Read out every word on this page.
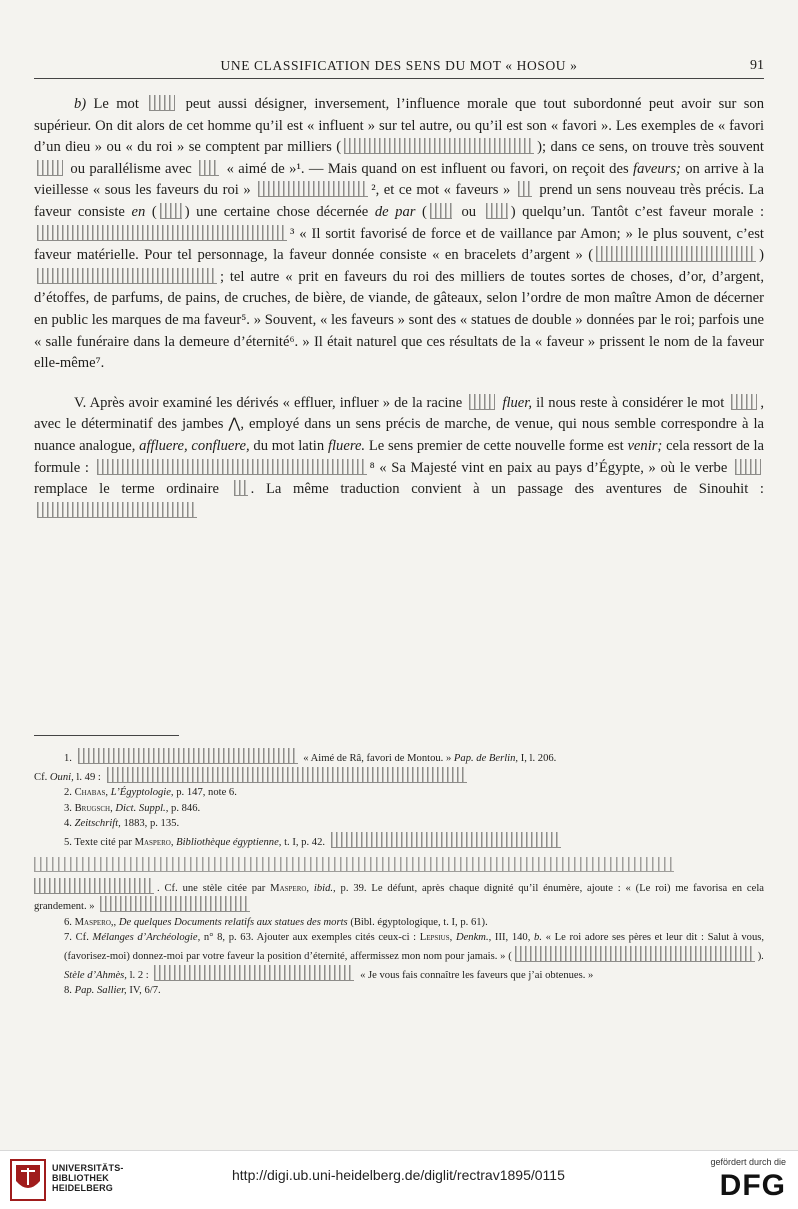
UNE CLASSIFICATION DES SENS DU MOT « HOSOU »	91

b) Le mot	peut aussi désigner, inversement, l’influence morale que tout subordonné peut avoir sur son supérieur. On dit alors de cet homme qu’il est « influent » sur tel autre, ou qu’il est son « favori ». Les exemples de « favori d’un dieu » ou « du roi » se comptent par milliers (	); dans ce sens, on trouve très souvent  ou parallélisme avec « aimé de »¹. — Mais quand on est influent ou favori, on reçoit des faveurs; on arrive à la vieillesse « sous les faveurs du roi »	², et ce mot « faveurs » prend un sens nouveau très précis. La faveur consiste en ( ) une certaine chose décernée de par ( ou ) quelqu’un. Tantôt c’est faveur morale : ³ « Il sortit favorisé de force et de vaillance par Amon; » le plus souvent, c’est faveur matérielle. Pour tel personnage, la faveur donnée consiste « en bracelets d’argent » (	) ; tel autre « prit en faveurs du roi des milliers de toutes sortes de choses, d’or, d’argent, d’étoffes, de parfums, de pains, de cruches, de bière, de viande, de gâteaux, selon l’ordre de mon maître Amon de décerner en public les marques de ma faveur⁵. » Souvent, « les faveurs » sont des « statues de double » données par le roi; parfois une « salle funéraire dans la demeure d’éternité⁶. » Il était naturel que ces résultats de la « faveur » prissent le nom de la faveur elle-même⁷.

V. Après avoir examiné les dérivés « effluer, influer » de la racine	fluer, il nous reste à considérer le mot , avec le déterminatif des jambes ⋀, employé dans un sens précis de marche, de venue, qui nous semble correspondre à la nuance analogue, affluere, confluere, du mot latin fluere. Le sens premier de cette nouvelle forme est venir; cela ressort de la formule :	⁸ « Sa Majesté vint en paix au pays d’Égypte, » où le verbe  remplace le terme ordinaire . La même traduction convient à un passage des aventures de Sinouhit :

1.	« Aimé de Râ, favori de Montou. » Pap. de Berlin, I, l. 206.

Cf. Ouni, l. 49 :

2. Chabas, L’Égyptologie, p. 147, note 6.

3. Brugsch, Dict. Suppl., p. 846.

4. Zeitschrift, 1883, p. 135.

5. Texte cité par Maspero, Bibliothèque égyptienne, t. I, p. 42.

. Cf. une stèle citée par Maspero, ibid., p. 39. Le défunt, après chaque dignité qu’il énumère, ajoute : « (Le roi) me favorisa en cela grandement. »

6. Maspero,, De quelques Documents relatifs aux statues des morts (Bibl. égyptologique, t. I, p. 61).

7. Cf. Mélanges d’Archéologie, n° 8, p. 63. Ajouter aux exemples cités ceux-ci : Lepsius, Denkm., III, 140, b. « Le roi adore ses pères et leur dit : Salut à vous, (favorisez-moi) donnez-moi par votre faveur la position d’éternité, affermissez mon nom pour jamais. » (	). Stèle d’Ahmès, l. 2 :	« Je vous fais connaître les faveurs que j’ai obtenues. »

8. Pap. Sallier, IV, 6/7.

UNIVERSITÄTS-
BIBLIOTHEK
HEIDELBERG
http://digi.ub.uni-heidelberg.de/diglit/rectrav1895/0115
gefördert durch die
DFG
